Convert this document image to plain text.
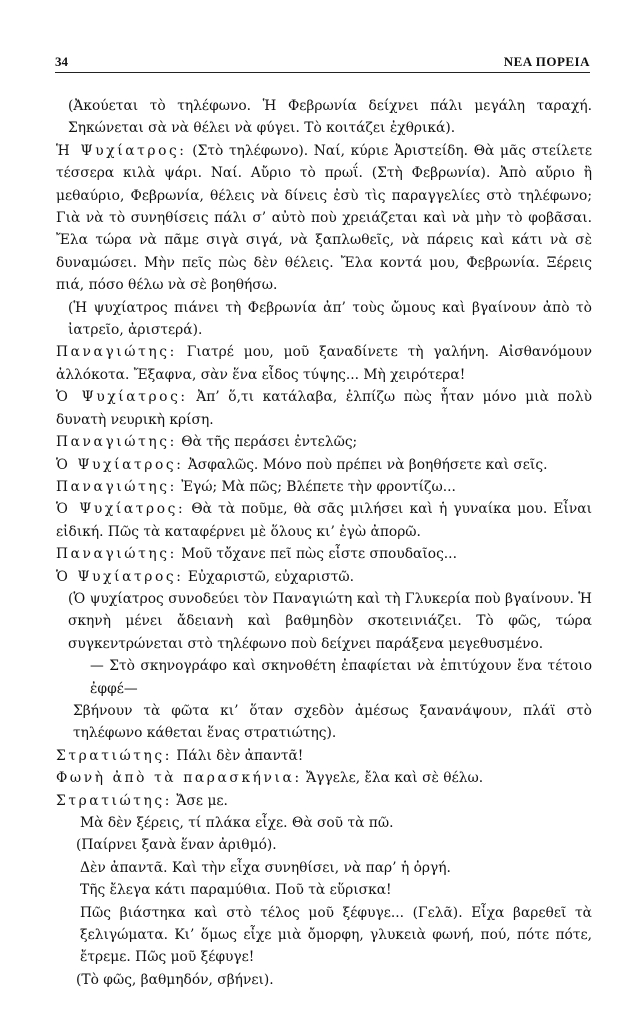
34	ΝΕΑ ΠΟΡΕΙΑ

(Ἀκούεται τὸ τηλέφωνο. Ἡ Φεβρωνία δείχνει πάλι μεγάλη ταραχή. Σηκώνεται σὰ νὰ θέλει νὰ φύγει. Τὸ κοιτάζει ἐχθρικά).

Ἡ Ψυχίατρος: (Στὸ τηλέφωνο). Ναί, κύριε Ἀριστείδη. Θὰ μᾶς στείλετε τέσσερα κιλὰ ψάρι. Ναί. Αὔριο τὸ πρωΐ. (Στὴ Φεβρωνία). Ἀπὸ αὔριο ἢ μεθαύριο, Φεβρωνία, θέλεις νὰ δίνεις ἐσὺ τὶς παραγγελίες στὸ τηλέφωνο; Γιὰ νὰ τὸ συνηθίσεις πάλι σ’ αὐτὸ ποὺ χρειάζεται καὶ νὰ μὴν τὸ φοβᾶσαι. Ἔλα τώρα νὰ πᾶμε σιγὰ σιγά, νὰ ξαπλωθεῖς, νὰ πάρεις καὶ κάτι νὰ σὲ δυναμώσει. Μὴν πεῖς πὼς δὲν θέλεις. Ἔλα κοντά μου, Φεβρωνία. Ξέρεις πιά, πόσο θέλω νὰ σὲ βοηθήσω.

(Ἡ ψυχίατρος πιάνει τὴ Φεβρωνία ἀπ’ τοὺς ὤμους καὶ βγαίνουν ἀπὸ τὸ ἰατρεῖο, ἀριστερά).

Παναγιώτης: Γιατρέ μου, μοῦ ξαναδίνετε τὴ γαλήνη. Αἰσθανόμουν ἀλλόκοτα. Ἔξαφνα, σὰν ἕνα εἶδος τύψης... Μὴ χειρότερα!

Ὁ Ψυχίατρος: Ἀπ’ ὅ,τι κατάλαβα, ἐλπίζω πὼς ἦταν μόνο μιὰ πολὺ δυνατὴ νευρικὴ κρίση.

Παναγιώτης: Θὰ τῆς περάσει ἐντελῶς;

Ὁ Ψυχίατρος: Ἀσφαλῶς. Μόνο ποὺ πρέπει νὰ βοηθήσετε καὶ σεῖς.

Παναγιώτης: Ἐγώ; Μὰ πῶς; Βλέπετε τὴν φροντίζω...

Ὁ Ψυχίατρος: Θὰ τὰ ποῦμε, θὰ σᾶς μιλήσει καὶ ἡ γυναίκα μου. Εἶναι εἰδική. Πῶς τὰ καταφέρνει μὲ ὅλους κι’ ἐγὼ ἀπορῶ.

Παναγιώτης: Μοῦ τὄχανε πεῖ πὼς εἶστε σπουδαῖος...

Ὁ Ψυχίατρος: Εὐχαριστῶ, εὐχαριστῶ.

(Ὁ ψυχίατρος συνοδεύει τὸν Παναγιώτη καὶ τὴ Γλυκερία ποὺ βγαίνουν. Ἡ σκηνὴ μένει ἄδειανὴ καὶ βαθμηδὸν σκοτεινιάζει. Τὸ φῶς, τώρα συγκεντρώνεται στὸ τηλέφωνο ποὺ δείχνει παράξενα μεγεθυσμένο.

— Στὸ σκηνογράφο καὶ σκηνοθέτη ἐπαφίεται νὰ ἐπιτύχουν ἕνα τέτοιο ἐφφέ—

Σβήνουν τὰ φῶτα κι’ ὅταν σχεδὸν ἀμέσως ξανανάψουν, πλάϊ στὸ τηλέφωνο κάθεται ἕνας στρατιώτης).

Στρατιώτης: Πάλι δὲν ἀπαντᾶ!

Φωνὴ ἀπὸ τὰ παρασκήνια: Ἄγγελε, ἔλα καὶ σὲ θέλω.

Στρατιώτης: Ἄσε με.

Μὰ δὲν ξέρεις, τί πλάκα εἶχε. Θὰ σοῦ τὰ πῶ.

(Παίρνει ξανὰ ἕναν ἀριθμό).

Δὲν ἀπαντᾶ. Καὶ τὴν εἶχα συνηθίσει, νὰ παρ’ ἡ ὀργή.

Τῆς ἔλεγα κάτι παραμύθια. Ποῦ τὰ εὕρισκα!

Πῶς βιάστηκα καὶ στὸ τέλος μοῦ ξέφυγε... (Γελᾶ). Εἶχα βαρεθεῖ τὰ ξελιγώματα. Κι’ ὅμως εἶχε μιὰ ὄμορφη, γλυκειὰ φωνή, πού, πότε πότε, ἔτρεμε. Πῶς μοῦ ξέφυγε!

(Τὸ φῶς, βαθμηδόν, σβήνει).
